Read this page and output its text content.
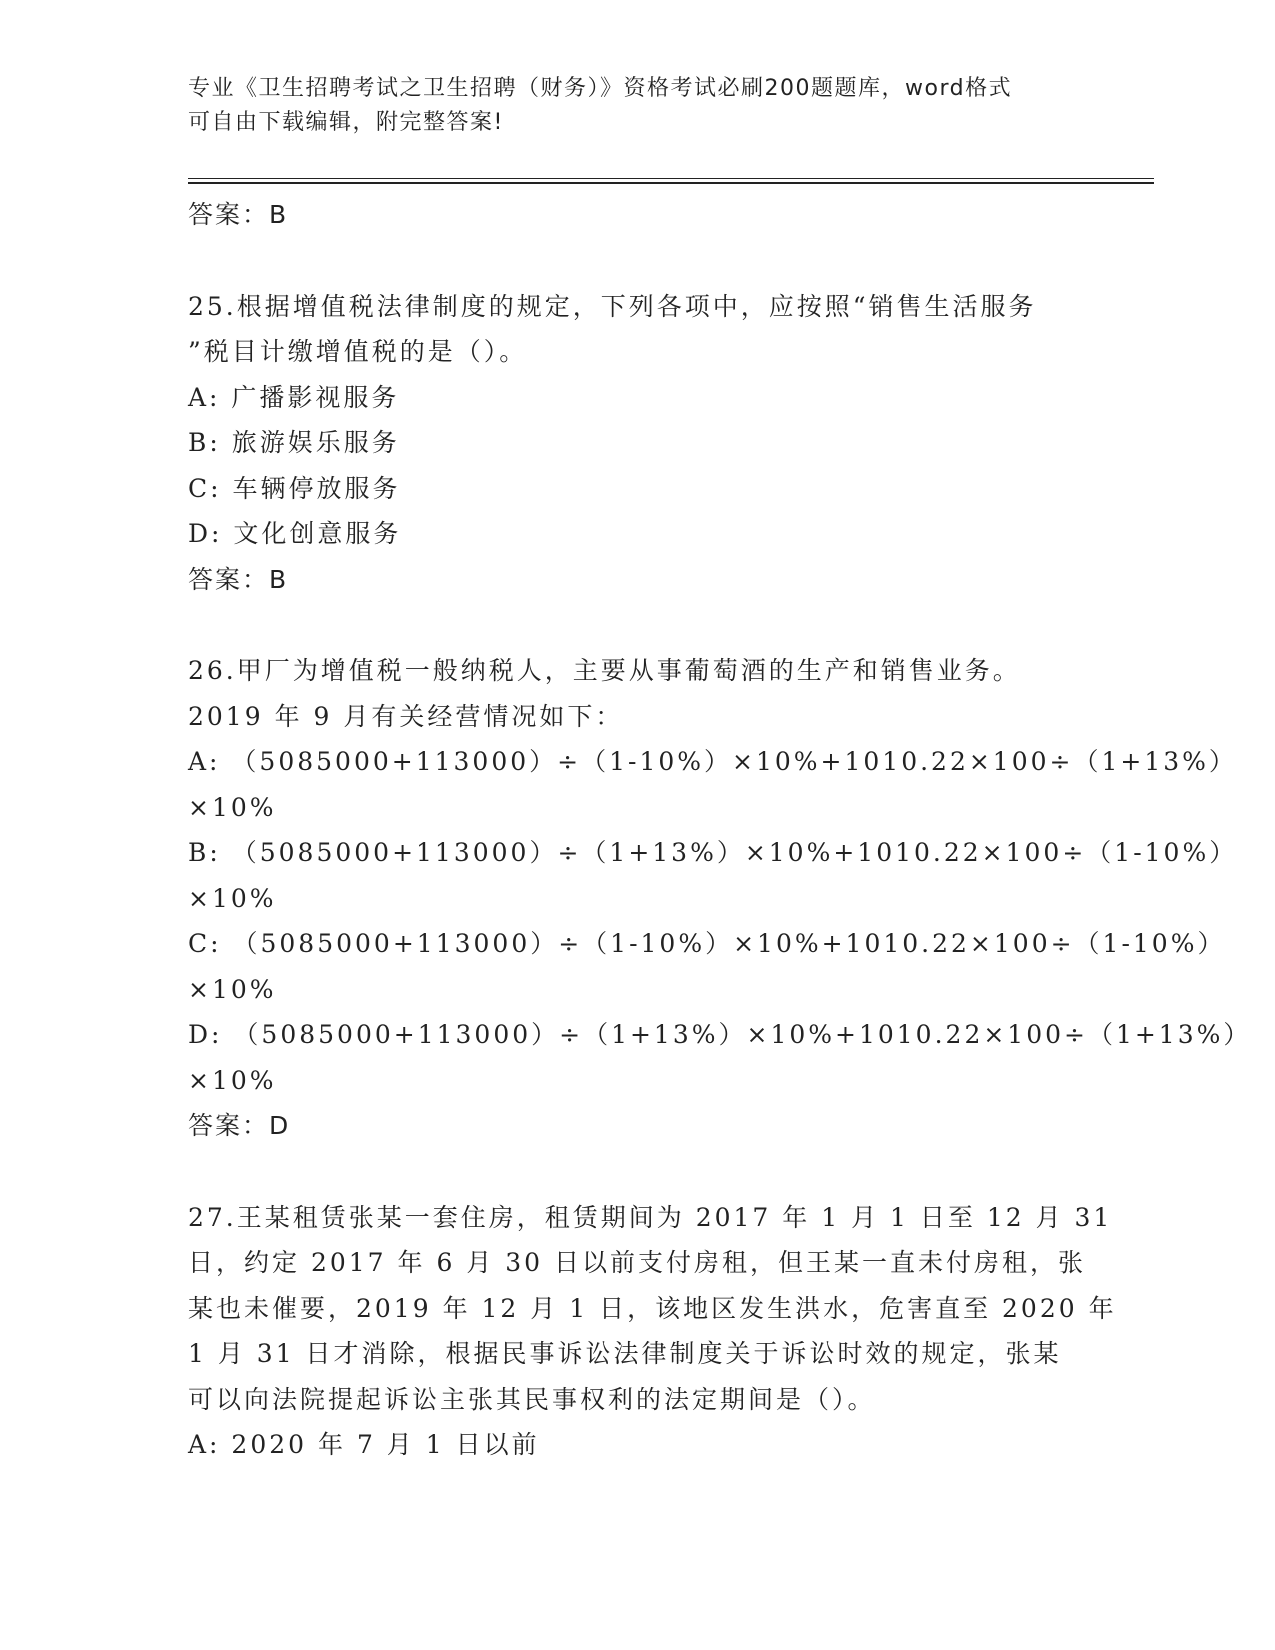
专业《卫生招聘考试之卫生招聘（财务）》资格考试必刷200题题库，word格式
可自由下载编辑，附完整答案!
答案：B
25.根据增值税法律制度的规定，下列各项中，应按照“销售生活服务
”税目计缴增值税的是（）。
A: 广播影视服务
B: 旅游娱乐服务
C: 车辆停放服务
D: 文化创意服务
答案：B
26.甲厂为增值税一般纳税人，主要从事葡萄酒的生产和销售业务。
2019 年 9 月有关经营情况如下：
A: （5085000+113000）÷（1-10%）×10%+1010.22×100÷（1+13%）
×10%
B: （5085000+113000）÷（1+13%）×10%+1010.22×100÷（1-10%）
×10%
C: （5085000+113000）÷（1-10%）×10%+1010.22×100÷（1-10%）
×10%
D: （5085000+113000）÷（1+13%）×10%+1010.22×100÷（1+13%）
×10%
答案：D
27.王某租赁张某一套住房，租赁期间为 2017 年 1 月 1 日至 12 月 31
日，约定 2017 年 6 月 30 日以前支付房租，但王某一直未付房租，张
某也未催要，2019 年 12 月 1 日，该地区发生洪水，危害直至 2020 年
1 月 31 日才消除，根据民事诉讼法律制度关于诉讼时效的规定，张某
可以向法院提起诉讼主张其民事权利的法定期间是（）。
A: 2020 年 7 月 1 日以前
